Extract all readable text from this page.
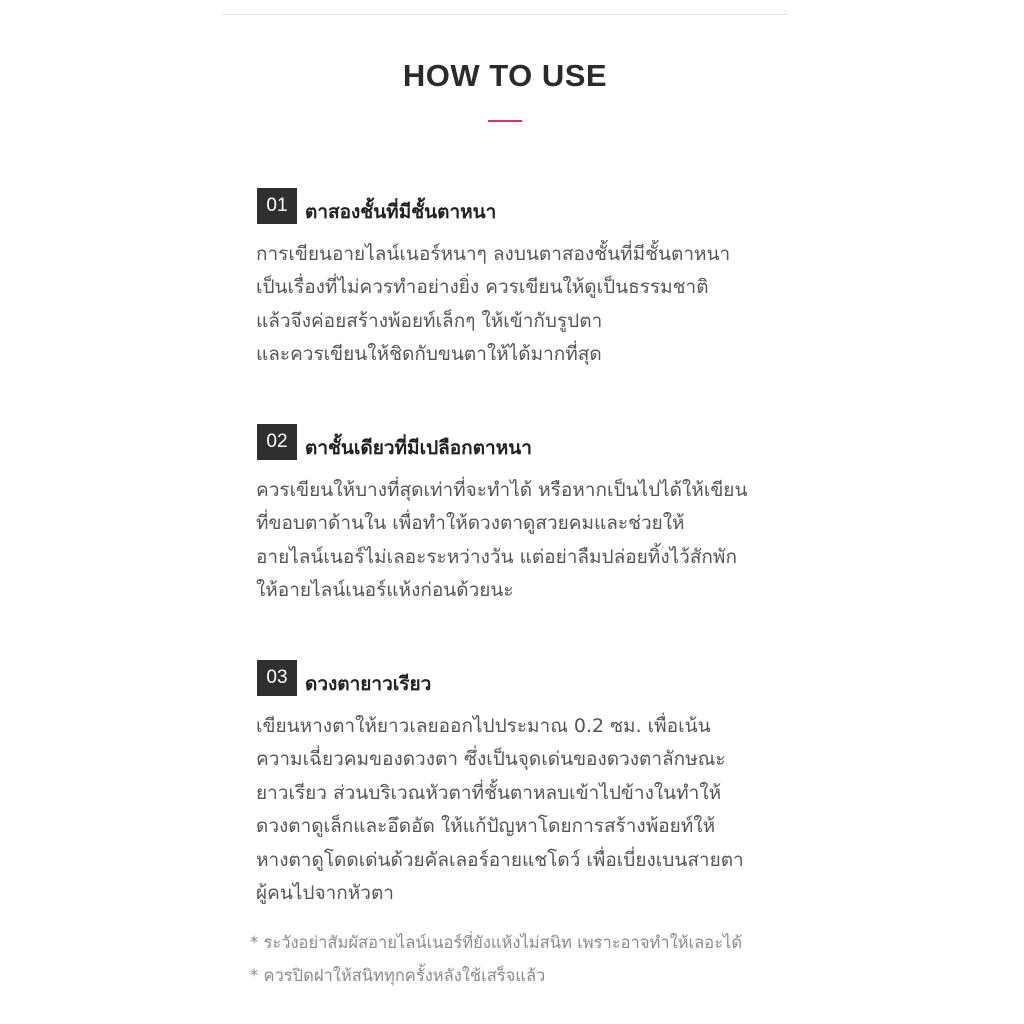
HOW TO USE
01 ตาสองชั้นที่มีชั้นตาหนา
การเขียนอายไลน์เนอร์หนาๆ ลงบนตาสองชั้นที่มีชั้นตาหนา
เป็นเรื่องที่ไม่ควรทำอย่างยิ่ง ควรเขียนให้ดูเป็นธรรมชาติ
แล้วจึงค่อยสร้างพ้อยท์เล็กๆ ให้เข้ากับรูปตา
และควรเขียนให้ชิดกับขนตาให้ได้มากที่สุด
02 ตาชั้นเดียวที่มีเปลือกตาหนา
ควรเขียนให้บางที่สุดเท่าที่จะทำได้ หรือหากเป็นไปได้ให้เขียน
ที่ขอบตาด้านใน เพื่อทำให้ดวงตาดูสวยคมและช่วยให้
อายไลน์เนอร์ไม่เลอะระหว่างวัน แต่อย่าลืมปล่อยทิ้งไว้สักพัก
ให้อายไลน์เนอร์แห้งก่อนด้วยนะ
03 ดวงตายาวเรียว
เขียนหางตาให้ยาวเลยออกไปประมาณ 0.2 ซม. เพื่อเน้น
ความเฉี่ยวคมของดวงตา ซึ่งเป็นจุดเด่นของดวงตาลักษณะ
ยาวเรียว ส่วนบริเวณหัวตาที่ชั้นตาหลบเข้าไปข้างในทำให้
ดวงตาดูเล็กและอึดอัด ให้แก้ปัญหาโดยการสร้างพ้อยท์ให้
หางตาดูโดดเด่นด้วยคัลเลอร์อายแชโดว์ เพื่อเบี่ยงเบนสายตา
ผู้คนไปจากหัวตา
* ระวังอย่าสัมผัสอายไลน์เนอร์ที่ยังแห้งไม่สนิท เพราะอาจทำให้เลอะได้
* ควรปิดฝาให้สนิททุกครั้งหลังใช้เสร็จแล้ว
